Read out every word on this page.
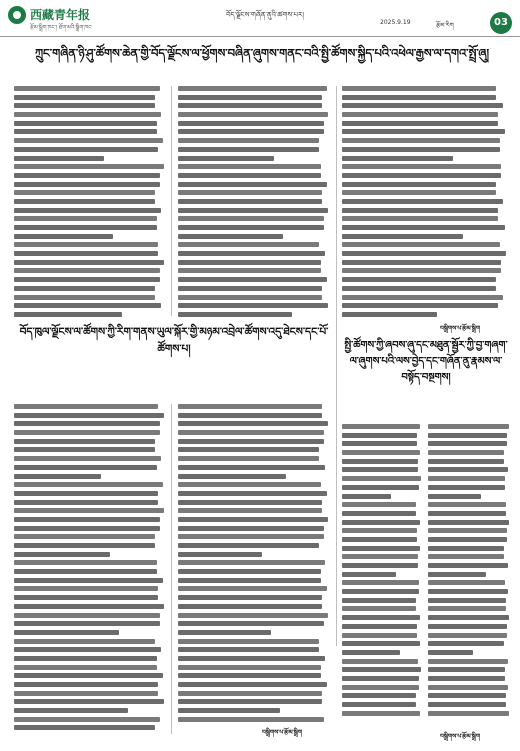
西藏青年报
རྩོམ་སྒྲིག་ཁང་། ཐོག་མའི་སྒྲིག་ཁང་
བོད་ལྗོངས་གཞོན་ནུའི་ཚགས་པར།
2025.9.19	རྩོམ་རིག	03
ཀྲུང་གཞིན་ཉི་ཤུ་ཚོགས་ཆེན་གྱི་བོད་ལྗོངས་ལ་ཕྱོགས་བཞིན་ཞུགས་གནང་བའི་སྤྱི་ཚོགས་སྐྱིད་པའི་འཕེལ་རྒྱས་ལ་དགའ་སྤྲོ་ཞུ།
བོད་ཁུལ་ལྗོངས་ལ་ཚོགས་ཀྱི་རིག་གནས་ཡུལ་སྐོར་གྱི་མཉམ་འབྲེལ་ཚོགས་འདུ་ཐེངས་དང་པོ་ཚོགས་པ།
བསྒྲིགས་པ་རྩོམ་སྒྲིག
བསྒྲིགས་པ་རྩོམ་སྒྲིག
སྤྱི་ཚོགས་ཀྱི་ཞབས་ཞུ་དང་མཐུན་སྦྱོར་ཀྱི་བྱ་གཞག་ལ་ཞུགས་པའི་ལས་བྱེད་དང་གཞོན་ནུ་རྣམས་ལ་བསྟོད་བསྔགས།
བསྒྲིགས་པ་རྩོམ་སྒྲིག
